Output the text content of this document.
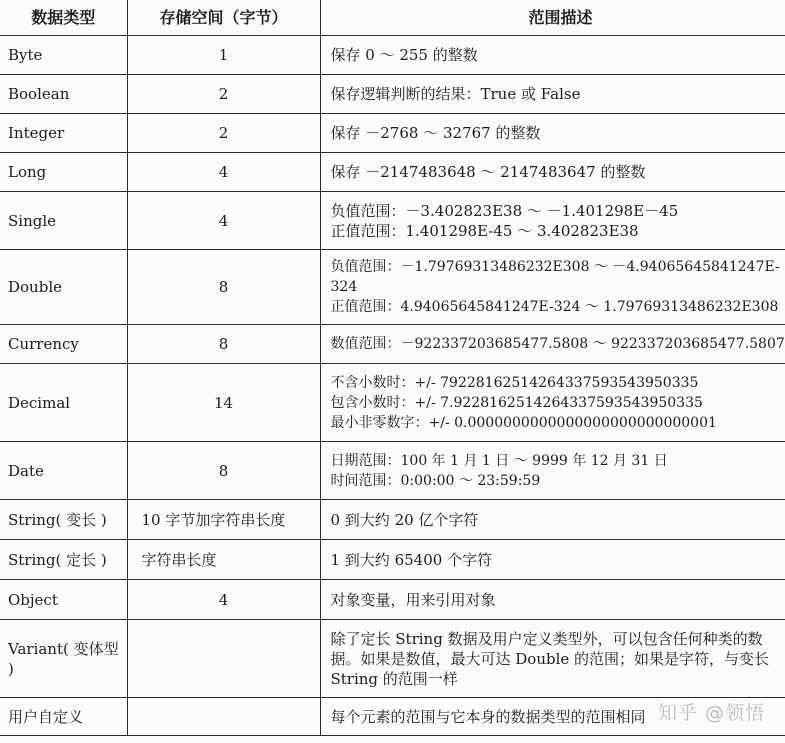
数据类型	存储空间（字节）	范围描述
Byte	1	保存 0 ～ 255 的整数

Boolean	2	保存逻辑判断的结果：True 或 False

Integer	2	保存 －2768 ～ 32767 的整数

Long	4	保存 －2147483648 ～ 2147483647 的整数

Single	4	负值范围：－3.402823E38 ～ －1.401298E－45
正值范围：1.401298E-45 ～ 3.402823E38

Double	8	负值范围：－1.79769313486232E308 ～ －4.94065645841247E-324
正值范围：4.94065645841247E-324 ～ 1.79769313486232E308

Currency	8	数值范围：－922337203685477.5808 ～ 922337203685477.5807

Decimal	14	不含小数时：+/- 79228162514264337593543950335
包含小数时：+/- 7.9228162514264337593543950335
最小非零数字：+/- 0.0000000000000000000000000001

Date	8	日期范围：100 年 1 月 1 日 ～ 9999 年 12 月 31 日
时间范围：0:00:00 ～ 23:59:59

String( 变长 )	10 字节加字符串长度	0 到大约 20 亿个字符

String( 定长 )	字符串长度	1 到大约 65400 个字符

Object	4	对象变量，用来引用对象

Variant( 变体型 )		除了定长 String 数据及用户定义类型外，可以包含任何种类的数据。如果是数值，最大可达 Double 的范围；如果是字符，与变长 String 的范围一样

用户自定义		每个元素的范围与它本身的数据类型的范围相同 知乎 @领悟
